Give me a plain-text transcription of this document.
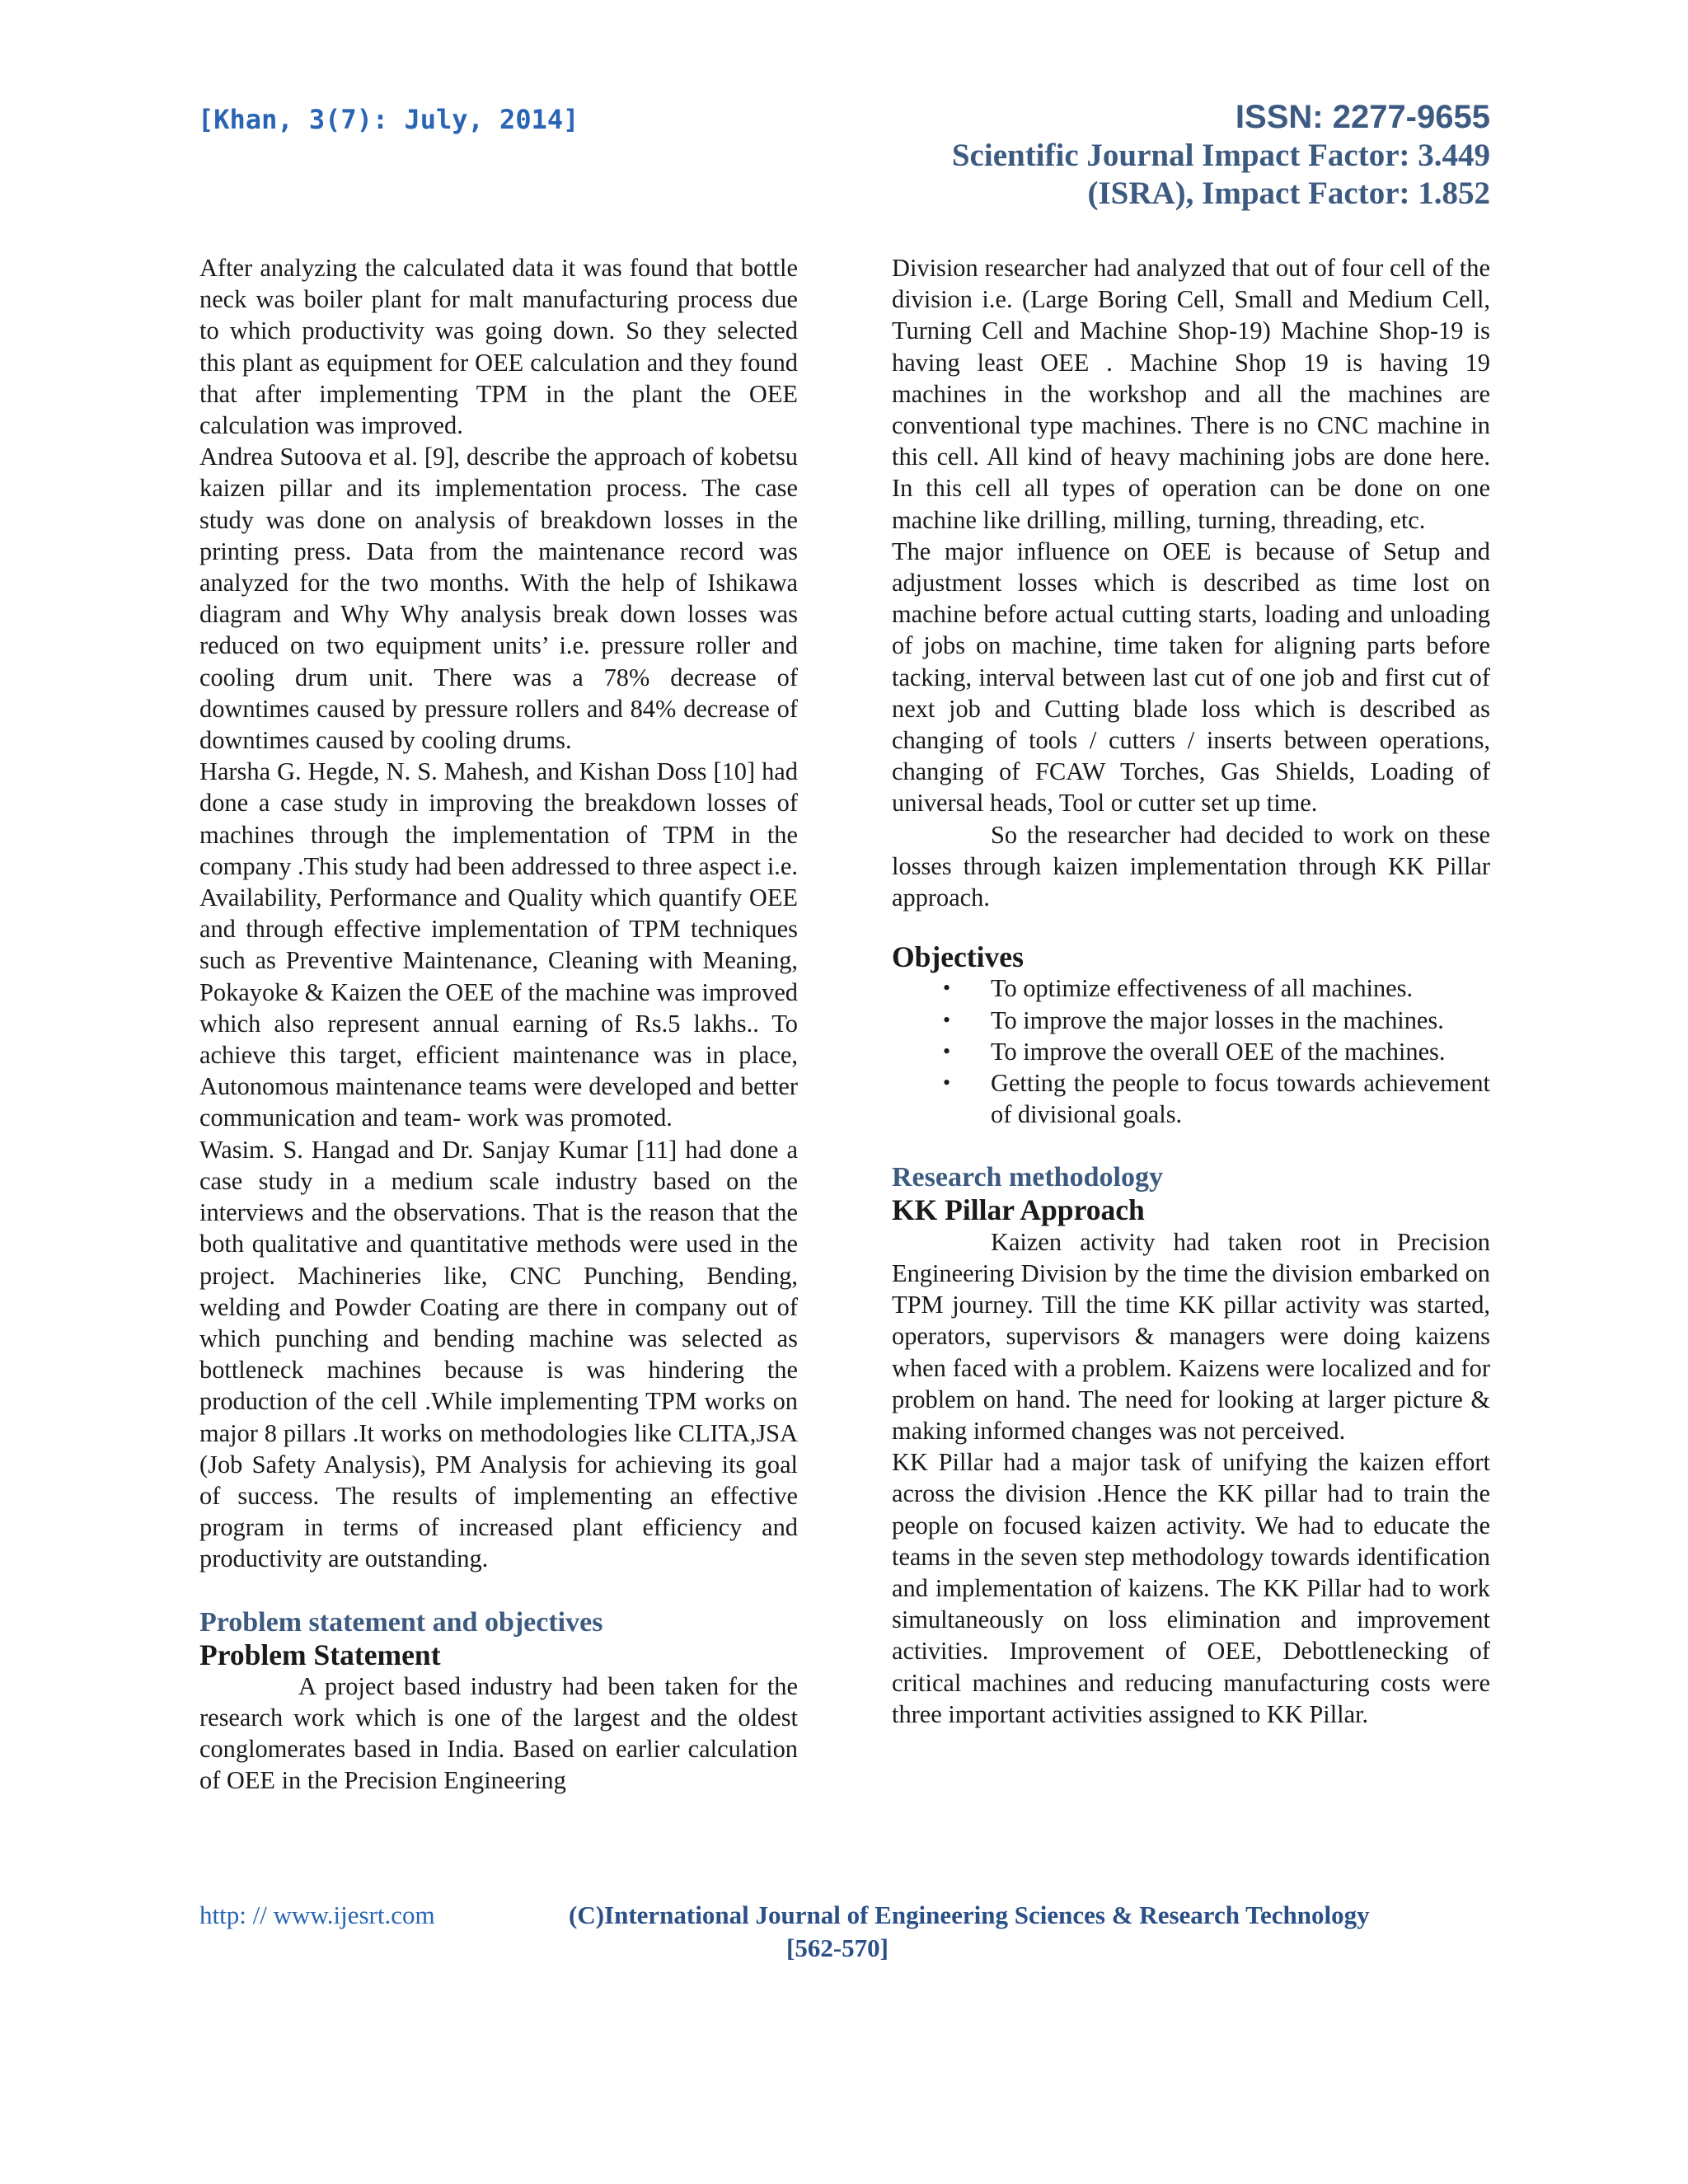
[Khan, 3(7): July, 2014]	ISSN: 2277-9655
Scientific Journal Impact Factor: 3.449
(ISRA), Impact Factor: 1.852

After analyzing the calculated data it was found that bottle neck was boiler plant for malt manufacturing process due to which productivity was going down. So they selected this plant as equipment for OEE calculation and they found that after implementing TPM in the plant the OEE calculation was improved.

Andrea Sutoova et al. [9], describe the approach of kobetsu kaizen pillar and its implementation process. The case study was done on analysis of breakdown losses in the printing press. Data from the maintenance record was analyzed for the two months. With the help of Ishikawa diagram and Why Why analysis break down losses was reduced on two equipment units’ i.e. pressure roller and cooling drum unit. There was a 78% decrease of downtimes caused by pressure rollers and 84% decrease of downtimes caused by cooling drums.

Harsha G. Hegde, N. S. Mahesh, and Kishan Doss [10] had done a case study in improving the breakdown losses of machines through the implementation of TPM in the company .This study had been addressed to three aspect i.e. Availability, Performance and Quality which quantify OEE and through effective implementation of TPM techniques such as Preventive Maintenance, Cleaning with Meaning, Pokayoke & Kaizen the OEE of the machine was improved which also represent annual earning of Rs.5 lakhs.. To achieve this target, efficient maintenance was in place, Autonomous maintenance teams were developed and better communication and team- work was promoted.

Wasim. S. Hangad and Dr. Sanjay Kumar [11] had done a case study in a medium scale industry based on the interviews and the observations. That is the reason that the both qualitative and quantitative methods were used in the project. Machineries like, CNC Punching, Bending, welding and Powder Coating are there in company out of which punching and bending machine was selected as bottleneck machines because is was hindering the production of the cell .While implementing TPM works on major 8 pillars .It works on methodologies like CLITA,JSA (Job Safety Analysis), PM Analysis for achieving its goal of success. The results of implementing an effective program in terms of increased plant efficiency and productivity are outstanding.

Problem statement and objectives
Problem Statement

A project based industry had been taken for the research work which is one of the largest and the oldest conglomerates based in India. Based on earlier calculation of OEE in the Precision Engineering

Division researcher had analyzed that out of four cell of the division i.e. (Large Boring Cell, Small and Medium Cell, Turning Cell and Machine Shop-19) Machine Shop-19 is having least OEE . Machine Shop 19 is having 19 machines in the workshop and all the machines are conventional type machines. There is no CNC machine in this cell. All kind of heavy machining jobs are done here. In this cell all types of operation can be done on one machine like drilling, milling, turning, threading, etc.

The major influence on OEE is because of Setup and adjustment losses which is described as time lost on machine before actual cutting starts, loading and unloading of jobs on machine, time taken for aligning parts before tacking, interval between last cut of one job and first cut of next job and Cutting blade loss which is described as changing of tools / cutters / inserts between operations, changing of FCAW Torches, Gas Shields, Loading of universal heads, Tool or cutter set up time.

So the researcher had decided to work on these losses through kaizen implementation through KK Pillar approach.

Objectives
• To optimize effectiveness of all machines.
• To improve the major losses in the machines.
• To improve the overall OEE of the machines.
• Getting the people to focus towards achievement of divisional goals.
Research methodology
KK Pillar Approach

Kaizen activity had taken root in Precision Engineering Division by the time the division embarked on TPM journey. Till the time KK pillar activity was started, operators, supervisors & managers were doing kaizens when faced with a problem. Kaizens were localized and for problem on hand. The need for looking at larger picture & making informed changes was not perceived.

KK Pillar had a major task of unifying the kaizen effort across the division .Hence the KK pillar had to train the people on focused kaizen activity. We had to educate the teams in the seven step methodology towards identification and implementation of kaizens. The KK Pillar had to work simultaneously on loss elimination and improvement activities. Improvement of OEE, Debottlenecking of critical machines and reducing manufacturing costs were three important activities assigned to KK Pillar.

http: // www.ijesrt.com	(C)International Journal of Engineering Sciences & Research Technology
[562-570]
